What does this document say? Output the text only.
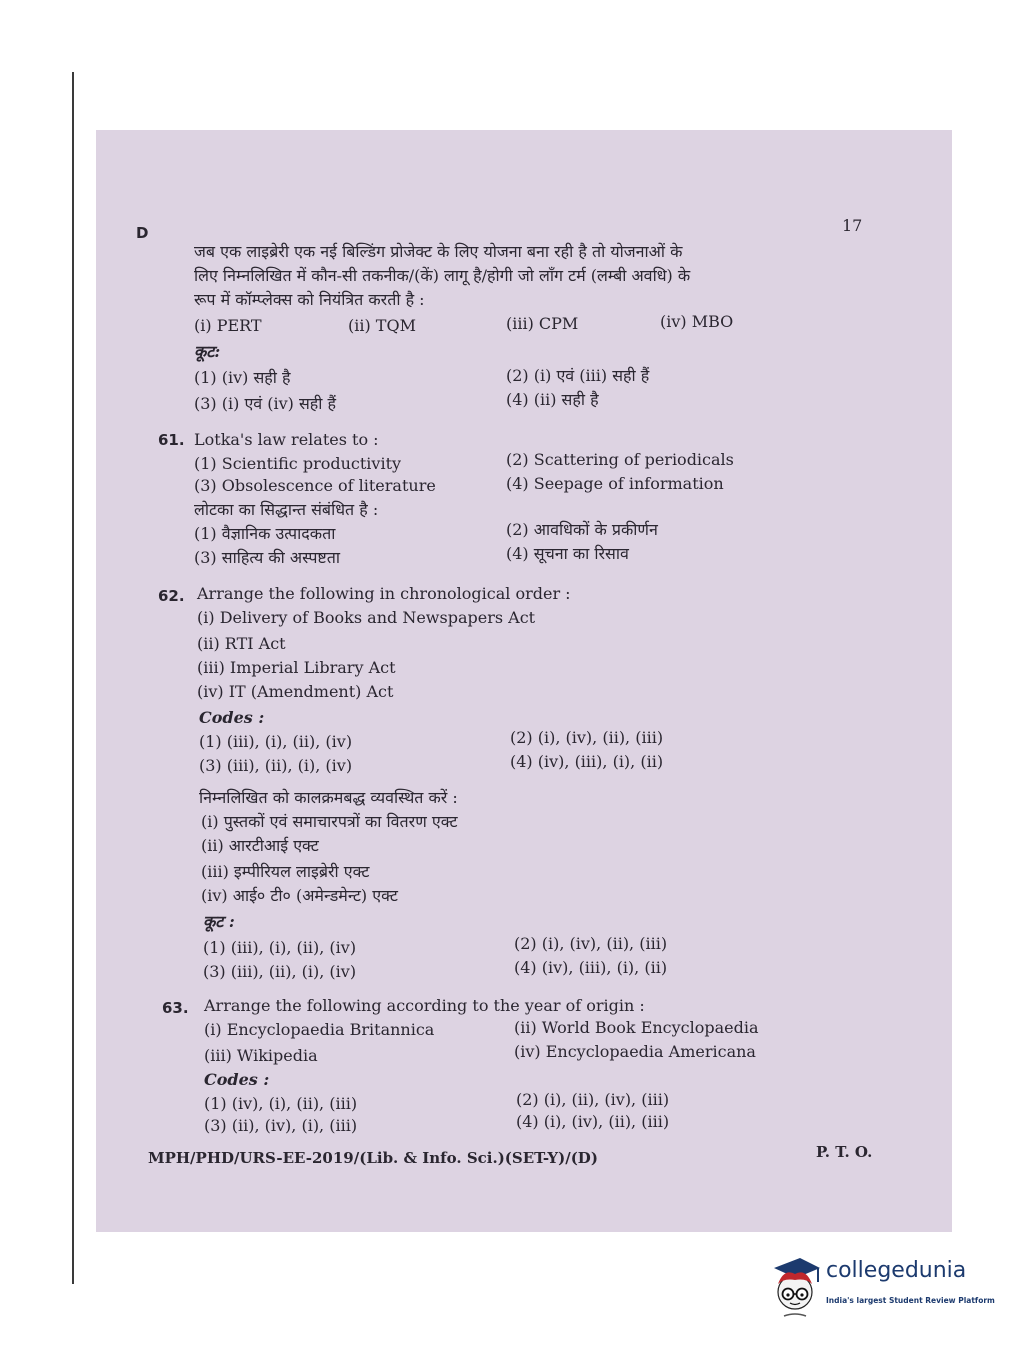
D	17
जब एक लाइब्रेरी एक नई बिल्डिंग प्रोजेक्ट के लिए योजना बना रही है तो योजनाओं के
लिए निम्नलिखित में कौन-सी तकनीक/(कें) लागू है/होगी जो लाँग टर्म (लम्बी अवधि) के
रूप में कॉम्प्लेक्स को नियंत्रित करती है :
(i) PERT	(ii) TQM	(iii) CPM	(iv) MBO
कूट:
(1) (iv) सही है	(2) (i) एवं (iii) सही हैं
(3) (i) एवं (iv) सही हैं	(4) (ii) सही है
61. Lotka's law relates to :
(1) Scientific productivity	(2) Scattering of periodicals
(3) Obsolescence of literature	(4) Seepage of information
लोटका का सिद्धान्त संबंधित है :
(1) वैज्ञानिक उत्पादकता	(2) आवधिकों के प्रकीर्णन
(3) साहित्य की अस्पष्टता	(4) सूचना का रिसाव
62. Arrange the following in chronological order :
(i) Delivery of Books and Newspapers Act
(ii) RTI Act
(iii) Imperial Library Act
(iv) IT (Amendment) Act
Codes :
(1) (iii), (i), (ii), (iv)	(2) (i), (iv), (ii), (iii)
(3) (iii), (ii), (i), (iv)	(4) (iv), (iii), (i), (ii)
निम्नलिखित को कालक्रमबद्ध व्यवस्थित करें :
(i) पुस्तकों एवं समाचारपत्रों का वितरण एक्ट
(ii) आरटीआई एक्ट
(iii) इम्पीरियल लाइब्रेरी एक्ट
(iv) आई० टी० (अमेन्डमेन्ट) एक्ट
कूट :
(1) (iii), (i), (ii), (iv)	(2) (i), (iv), (ii), (iii)
(3) (iii), (ii), (i), (iv)	(4) (iv), (iii), (i), (ii)
63. Arrange the following according to the year of origin :
(i) Encyclopaedia Britannica	(ii) World Book Encyclopaedia
(iii) Wikipedia	(iv) Encyclopaedia Americana
Codes :
(1) (iv), (i), (ii), (iii)	(2) (i), (ii), (iv), (iii)
(3) (ii), (iv), (i), (iii)	(4) (i), (iv), (ii), (iii)
MPH/PHD/URS-EE-2019/(Lib. & Info. Sci.)(SET-Y)/(D)	P. T. O.
collegedunia
India's largest Student Review Platform
